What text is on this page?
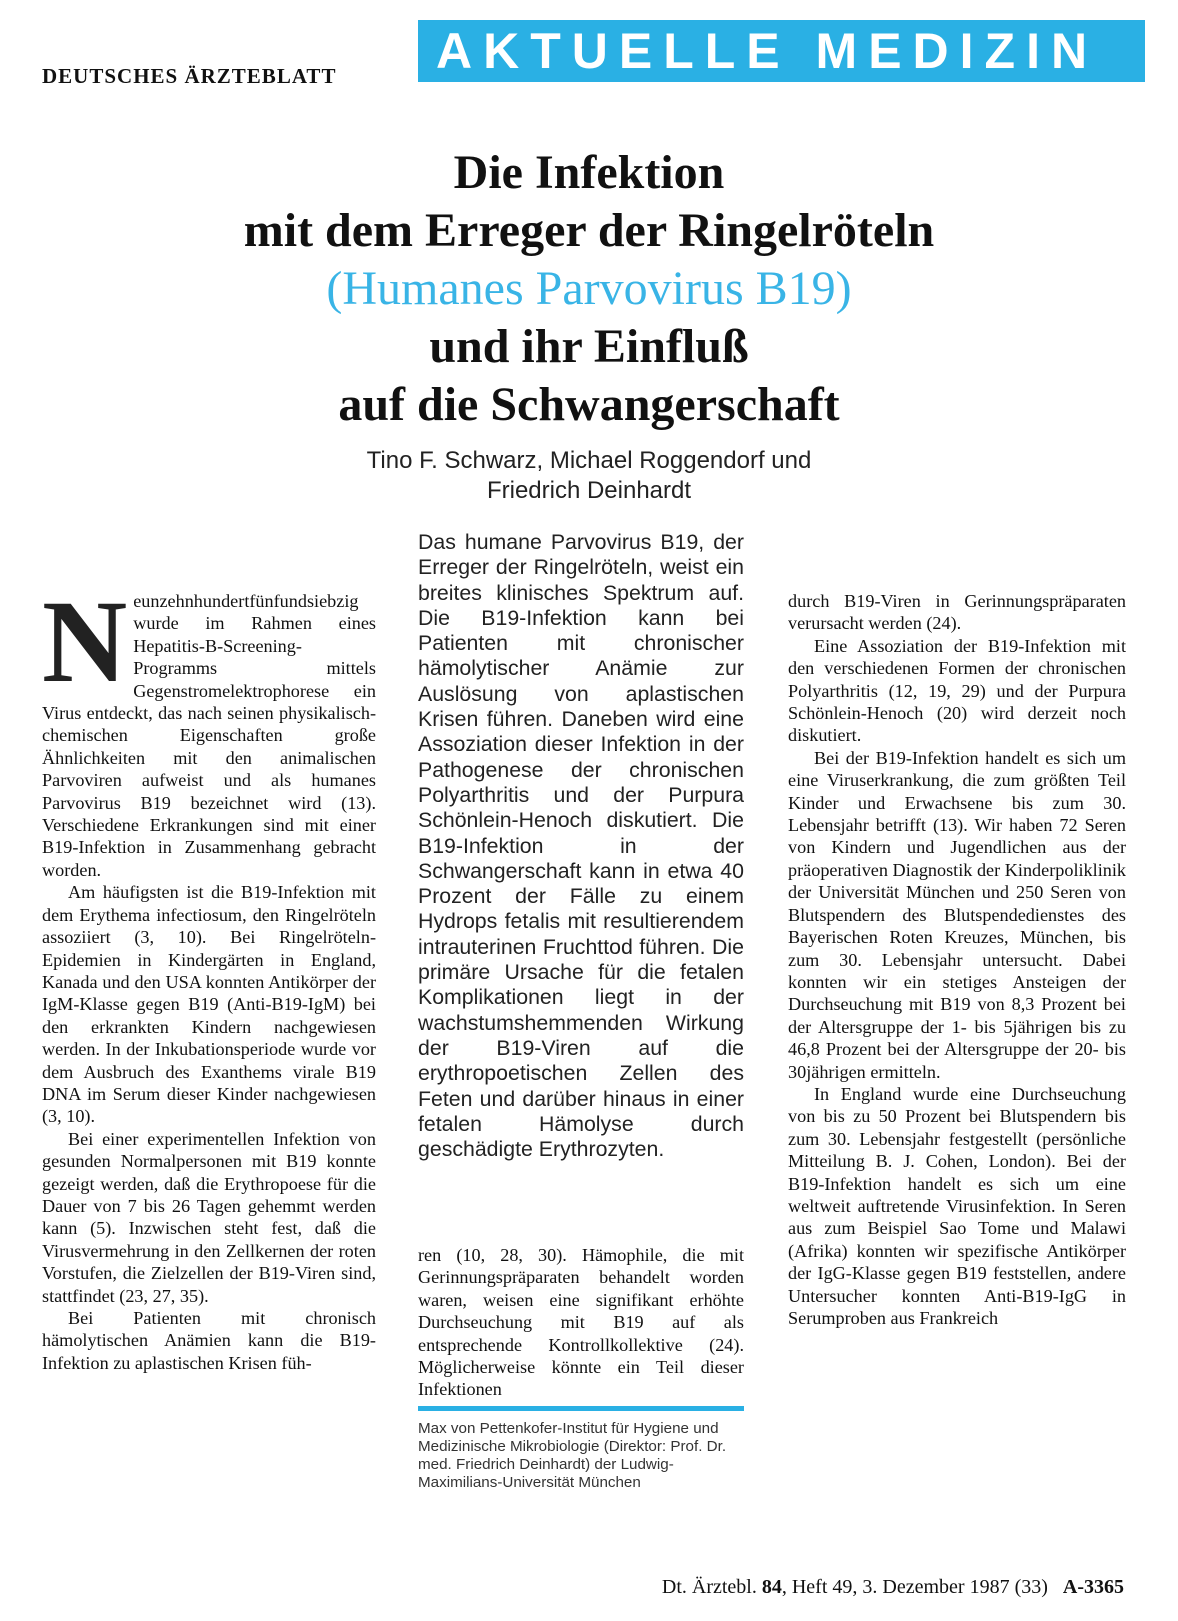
DEUTSCHES ÄRZTEBLATT	AKTUELLE MEDIZIN
Die Infektion
mit dem Erreger der Ringelröteln
(Humanes Parvovirus B19)
und ihr Einfluß
auf die Schwangerschaft
Tino F. Schwarz, Michael Roggendorf und
Friedrich Deinhardt

Neunzehnhundertfünfundsiebzig wurde im Rahmen eines Hepatitis-B-Screening-Programms mittels Gegenstromelektrophorese ein Virus entdeckt, das nach seinen physikalisch-chemischen Eigenschaften große Ähnlichkeiten mit den animalischen Parvoviren aufweist und als humanes Parvovirus B19 bezeichnet wird (13). Verschiedene Erkrankungen sind mit einer B19-Infektion in Zusammenhang gebracht worden.

Am häufigsten ist die B19-Infektion mit dem Erythema infectiosum, den Ringelröteln assoziiert (3, 10). Bei Ringelröteln-Epidemien in Kindergärten in England, Kanada und den USA konnten Antikörper der IgM-Klasse gegen B19 (Anti-B19-IgM) bei den erkrankten Kindern nachgewiesen werden. In der Inkubationsperiode wurde vor dem Ausbruch des Exanthems virale B19 DNA im Serum dieser Kinder nachgewiesen (3, 10).

Bei einer experimentellen Infektion von gesunden Normalpersonen mit B19 konnte gezeigt werden, daß die Erythropoese für die Dauer von 7 bis 26 Tagen gehemmt werden kann (5). Inzwischen steht fest, daß die Virusvermehrung in den Zellkernen der roten Vorstufen, die Zielzellen der B19-Viren sind, stattfindet (23, 27, 35).

Bei Patienten mit chronisch hämolytischen Anämien kann die B19-Infektion zu aplastischen Krisen füh-

Das humane Parvovirus B19, der Erreger der Ringelröteln, weist ein breites klinisches Spektrum auf. Die B19-Infektion kann bei Patienten mit chronischer hämolytischer Anämie zur Auslösung von aplastischen Krisen führen. Daneben wird eine Assoziation dieser Infektion in der Pathogenese der chronischen Polyarthritis und der Purpura Schönlein-Henoch diskutiert. Die B19-Infektion in der Schwangerschaft kann in etwa 40 Prozent der Fälle zu einem Hydrops fetalis mit resultierendem intrauterinen Fruchttod führen. Die primäre Ursache für die fetalen Komplikationen liegt in der wachstumshemmenden Wirkung der B19-Viren auf die erythropoetischen Zellen des Feten und darüber hinaus in einer fetalen Hämolyse durch geschädigte Erythrozyten.

ren (10, 28, 30). Hämophile, die mit Gerinnungspräparaten behandelt worden waren, weisen eine signifikant erhöhte Durchseuchung mit B19 auf als entsprechende Kontrollkollektive (24). Möglicherweise könnte ein Teil dieser Infektionen

Max von Pettenkofer-Institut für Hygiene und Medizinische Mikrobiologie (Direktor: Prof. Dr. med. Friedrich Deinhardt) der Ludwig-Maximilians-Universität München

durch B19-Viren in Gerinnungspräparaten verursacht werden (24).

Eine Assoziation der B19-Infektion mit den verschiedenen Formen der chronischen Polyarthritis (12, 19, 29) und der Purpura Schönlein-Henoch (20) wird derzeit noch diskutiert.

Bei der B19-Infektion handelt es sich um eine Viruserkrankung, die zum größten Teil Kinder und Erwachsene bis zum 30. Lebensjahr betrifft (13). Wir haben 72 Seren von Kindern und Jugendlichen aus der präoperativen Diagnostik der Kinderpoliklinik der Universität München und 250 Seren von Blutspendern des Blutspendedienstes des Bayerischen Roten Kreuzes, München, bis zum 30. Lebensjahr untersucht. Dabei konnten wir ein stetiges Ansteigen der Durchseuchung mit B19 von 8,3 Prozent bei der Altersgruppe der 1- bis 5jährigen bis zu 46,8 Prozent bei der Altersgruppe der 20- bis 30jährigen ermitteln.

In England wurde eine Durchseuchung von bis zu 50 Prozent bei Blutspendern bis zum 30. Lebensjahr festgestellt (persönliche Mitteilung B. J. Cohen, London). Bei der B19-Infektion handelt es sich um eine weltweit auftretende Virusinfektion. In Seren aus zum Beispiel Sao Tome und Malawi (Afrika) konnten wir spezifische Antikörper der IgG-Klasse gegen B19 feststellen, andere Untersucher konnten Anti-B19-IgG in Serumproben aus Frankreich

Dt. Ärztebl. 84, Heft 49, 3. Dezember 1987 (33) A-3365
